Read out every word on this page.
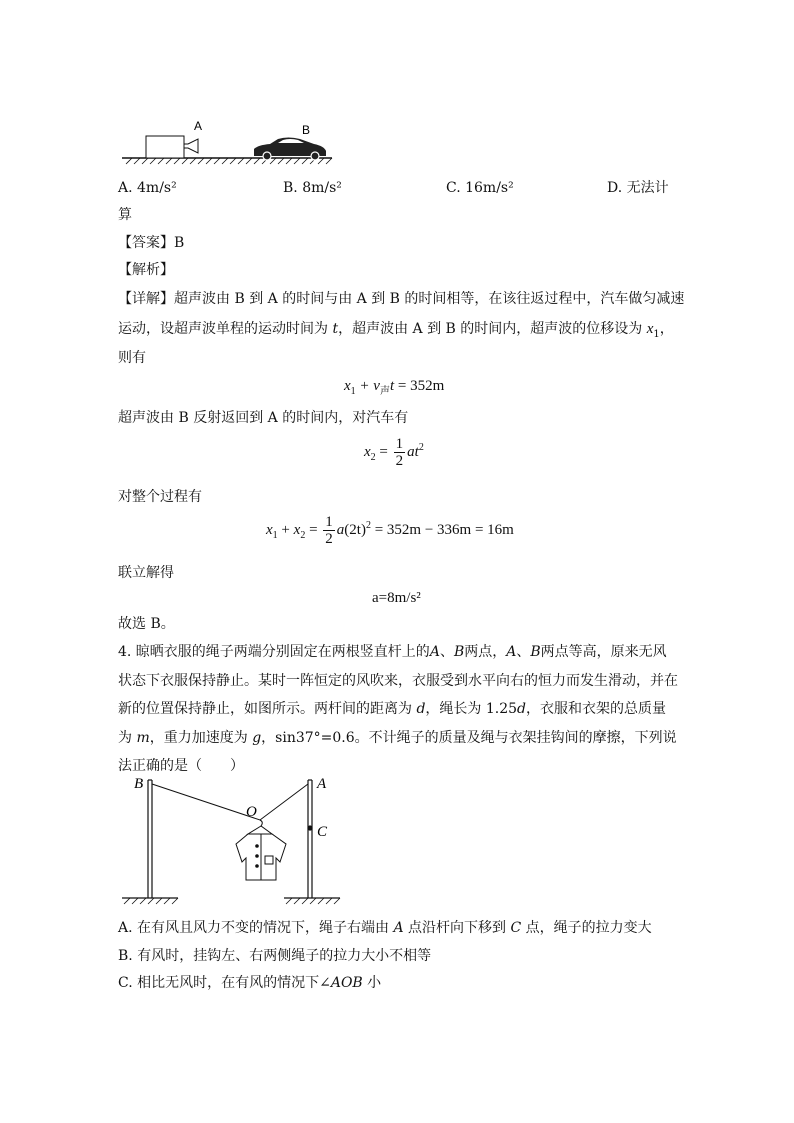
A	B
A. 4m/s²	B. 8m/s²	C. 16m/s²	D. 无法计
算
【答案】B
【解析】
【详解】超声波由 B 到 A 的时间与由 A 到 B 的时间相等，在该往返过程中，汽车做匀减速
运动，设超声波单程的运动时间为 t，超声波由 A 到 B 的时间内，超声波的位移设为 $x_1$，
则有
$x_1 + v_声t = 352m$
超声波由 B 反射返回到 A 的时间内，对汽车有
$x_2 = \frac{1}{2} at^2$
对整个过程有
$x_1 + x_2 = \frac{1}{2} a(2t)^2 = 352m - 336m = 16m$
联立解得
a=8m/s²
故选 B。
4. 晾晒衣服的绳子两端分别固定在两根竖直杆上的A、B两点，A、B两点等高，原来无风状态下衣服保持静止。某时一阵恒定的风吹来，衣服受到水平向右的恒力而发生滑动，并在新的位置保持静止，如图所示。两杆间的距离为 d，绳长为 1.25d，衣服和衣架的总质量为 m，重力加速度为 g，sin37°=0.6。不计绳子的质量及绳与衣架挂钩间的摩擦，下列说法正确的是（　　）
B	A
O
C
A. 在有风且风力不变的情况下，绳子右端由 A 点沿杆向下移到 C 点，绳子的拉力变大
B. 有风时，挂钩左、右两侧绳子的拉力大小不相等
C. 相比无风时，在有风的情况下∠AOB 小
